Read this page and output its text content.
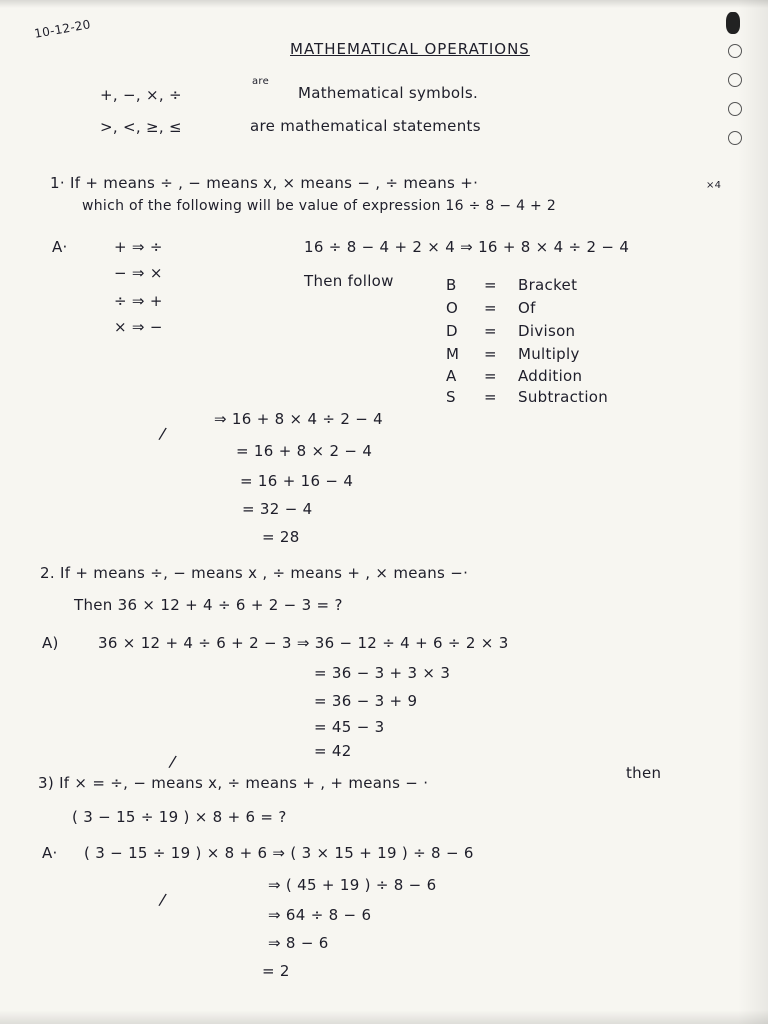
10-12-20
MATHEMATICAL OPERATIONS
+, −, ×, ÷
are
Mathematical symbols.
>, <, ≥, ≤	are mathematical statements
1· If + means ÷ , − means x, × means − , ÷ means +·	×4
which of the following will be value of expression 16 ÷ 8 − 4 + 2
A·	+ ⇒ ÷
− ⇒ ×
÷ ⇒ +
× ⇒ −
16 ÷ 8 − 4 + 2 × 4 ⇒ 16 + 8 × 4 ÷ 2 − 4
Then follow	B = Bracket
O = Of
D = Divison
M = Multiply
A = Addition
S = Subtraction
⇒ 16 + 8 × 4 ÷ 2 − 4
/
= 16 + 8 × 2 − 4
= 16 + 16 − 4
= 32 − 4
= 28
2. If + means ÷, − means x , ÷ means + , × means −·
Then 36 × 12 + 4 ÷ 6 + 2 − 3 = ?
A)	36 × 12 + 4 ÷ 6 + 2 − 3 ⇒ 36 − 12 ÷ 4 + 6 ÷ 2 × 3
= 36 − 3 + 3 × 3
= 36 − 3 + 9
= 45 − 3
/
= 42
3) If × = ÷, − means x, ÷ means + , + means − ·
then
( 3 − 15 ÷ 19 ) × 8 + 6 = ?
A· ( 3 − 15 ÷ 19 ) × 8 + 6 ⇒ ( 3 × 15 + 19 ) ÷ 8 − 6
⇒ ( 45 + 19 ) ÷ 8 − 6
/
⇒ 64 ÷ 8 − 6
⇒ 8 − 6
= 2
